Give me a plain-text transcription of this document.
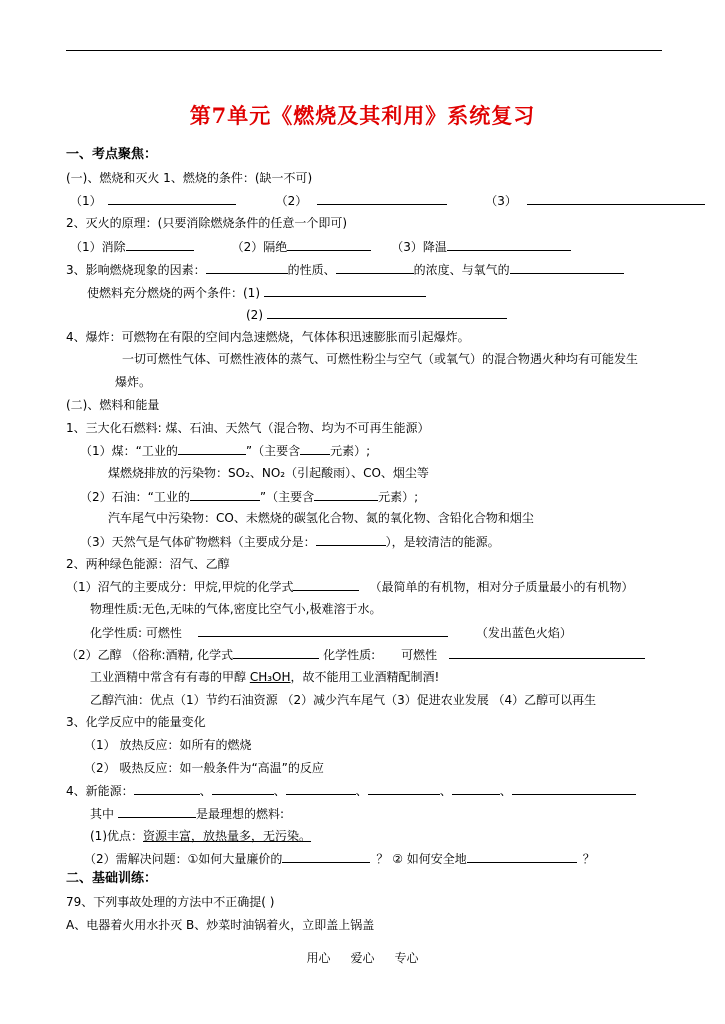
第7单元《燃烧及其利用》系统复习
一、考点聚焦：
(一)、燃烧和灭火 1、燃烧的条件：(缺一不可)
（1）	（2）	（3）
2、灭火的原理：(只要消除燃烧条件的任意一个即可)
（1）消除	（2）隔绝	（3）降温
3、影响燃烧现象的因素：	的性质、	的浓度、与氧气的
使燃料充分燃烧的两个条件：(1)
(2)
4、爆炸：可燃物在有限的空间内急速燃烧，气体体积迅速膨胀而引起爆炸。
一切可燃性气体、可燃性液体的蒸气、可燃性粉尘与空气（或氧气）的混合物遇火种均有可能发生
爆炸。
(二)、燃料和能量
1、三大化石燃料: 煤、石油、天然气（混合物、均为不可再生能源）
（1）煤：“工业的	”（主要含	元素）;
煤燃烧排放的污染物：SO₂、NO₂（引起酸雨）、CO、烟尘等
（2）石油：“工业的	”（主要含	元素）;
汽车尾气中污染物：CO、未燃烧的碳氢化合物、氮的氧化物、含铅化合物和烟尘
（3）天然气是气体矿物燃料（主要成分是：	），是较清洁的能源。
2、两种绿色能源：沼气、乙醇
（1）沼气的主要成分：甲烷,甲烷的化学式	（最简单的有机物，相对分子质量最小的有机物）
物理性质:无色,无味的气体,密度比空气小,极难溶于水。
化学性质: 可燃性	（发出蓝色火焰）
（2）乙醇 （俗称:酒精, 化学式	化学性质: 可燃性
工业酒精中常含有有毒的甲醇 CH₃OH，故不能用工业酒精配制酒!
乙醇汽油：优点（1）节约石油资源 （2）减少汽车尾气（3）促进农业发展 （4）乙醇可以再生
3、化学反应中的能量变化
（1） 放热反应：如所有的燃烧
（2） 吸热反应：如一般条件为“高温”的反应
4、新能源：	、	、	、	、	、
其中	是最理想的燃料:
(1)优点：资源丰富，放热量多，无污染。
（2）需解决问题：①如何大量廉价的	？ ② 如何安全地	？
二、基础训练：
79、下列事故处理的方法中不正确提( )
A、电器着火用水扑灭 B、炒菜时油锅着火，立即盖上锅盖
用心 爱心 专心
